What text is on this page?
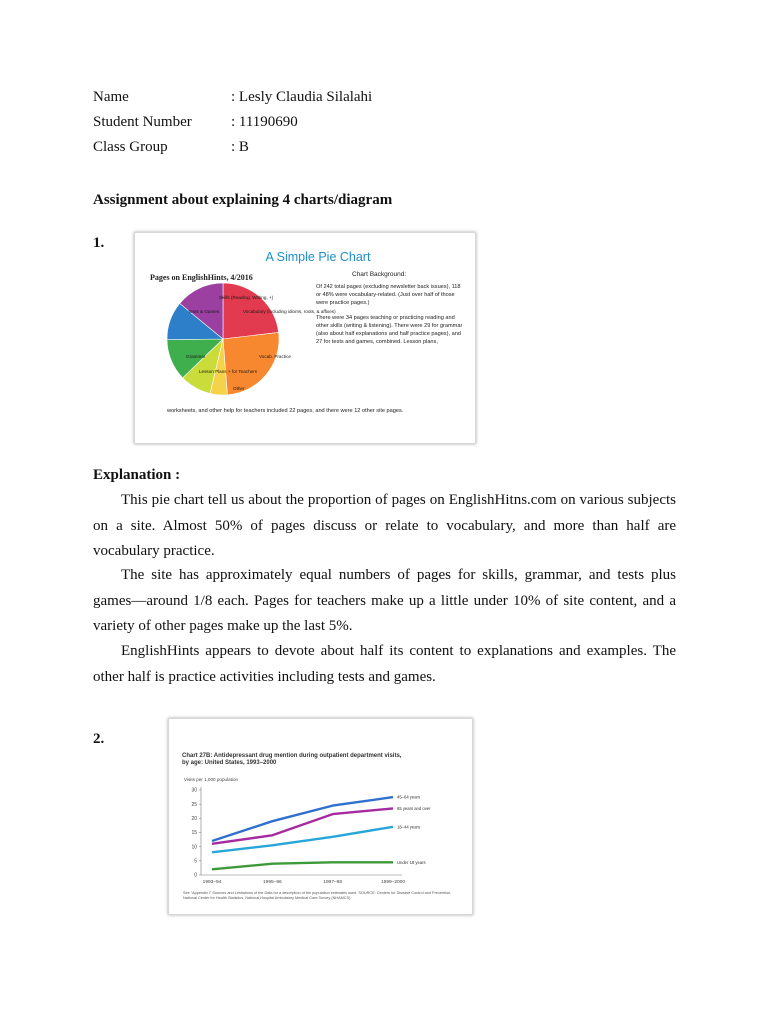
Name	: Lesly Claudia Silalahi
Student Number	: 11190690
Class Group	: B
Assignment about explaining 4 charts/diagram
1.
A Simple Pie Chart
Pages on EnglishHints, 4/2016
Skills (Reading, Writing, +)
Vocabulary (including idioms, roots, & affixes)
Tests & Games
Grammar	Vocab. Practice
Lesson Plans + for Teachers
Other
Chart Background:
Of 242 total pages (excluding newsletter back issues), 118 or 48% were vocabulary-related. (Just over half of those were practice pages.)
There were 34 pages teaching or practicing reading and other skills (writing & listening). There were 29 for grammar (also about half explanations and half practice pages), and 27 for tests and games, combined. Lesson plans,
worksheets, and other help for teachers included 22 pages, and there were 12 other site pages.
Explanation :
This pie chart tell us about the proportion of pages on EnglishHitns.com on various subjects on a site. Almost 50% of pages discuss or relate to vocabulary, and more than half are vocabulary practice.
The site has approximately equal numbers of pages for skills, grammar, and tests plus games—around 1/8 each. Pages for teachers make up a little under 10% of site content, and a variety of other pages make up the last 5%.
EnglishHints appears to devote about half its content to explanations and examples. The other half is practice activities including tests and games.
2.
Chart 27B: Antidepressant drug mention during outpatient department visits, by age: United States, 1993–2000
Visits per 1,000 population
0
5
10
15
20
25
30
1993–94	1995–96	1997–98	1999–2000
45–64 years
65 years and over
18–44 years
Under 18 years
See “Appendix I” Sources and Limitations of the Data for a description of the population estimates used. SOURCE: Centers for Disease Control and Prevention, National Center for Health Statistics, National Hospital Ambulatory Medical Care Survey (NHAMCS).
